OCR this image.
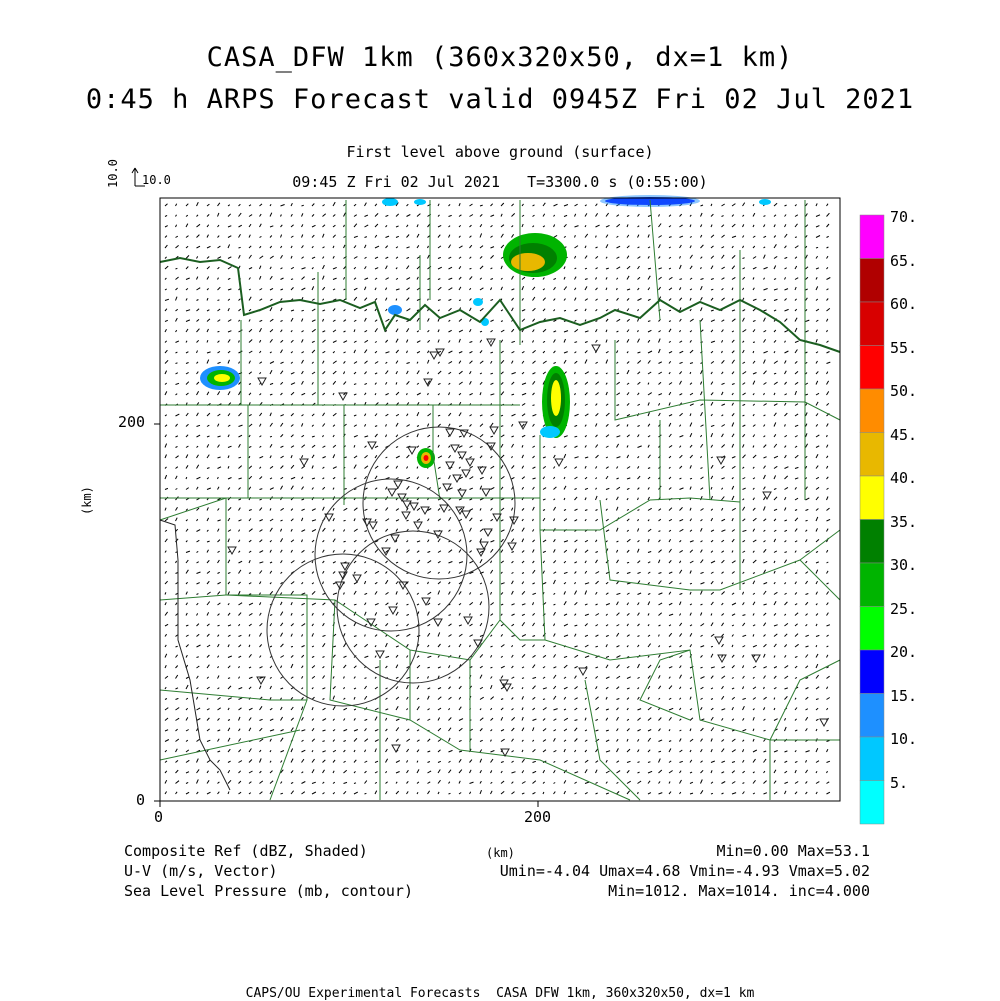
CASA_DFW 1km (360x320x50, dx=1 km)
0:45 h ARPS Forecast valid 0945Z Fri 02 Jul 2021
First level above ground (surface)
09:45 Z Fri 02 Jul 2021   T=3300.0 s (0:55:00)
10.0 10.0
200
0
0	200
(km)
70.
65.
60.
55.
50.
45.
40.
35.
30.
25.
20.
15.
10.
5.
Composite Ref (dBZ, Shaded)
U-V (m/s, Vector)
Sea Level Pressure (mb, contour)
(km)	Min=0.00 Max=53.1
Umin=-4.04 Umax=4.68 Vmin=-4.93 Vmax=5.02
Min=1012. Max=1014. inc=4.000
CAPS/OU Experimental Forecasts  CASA DFW 1km, 360x320x50, dx=1 km
